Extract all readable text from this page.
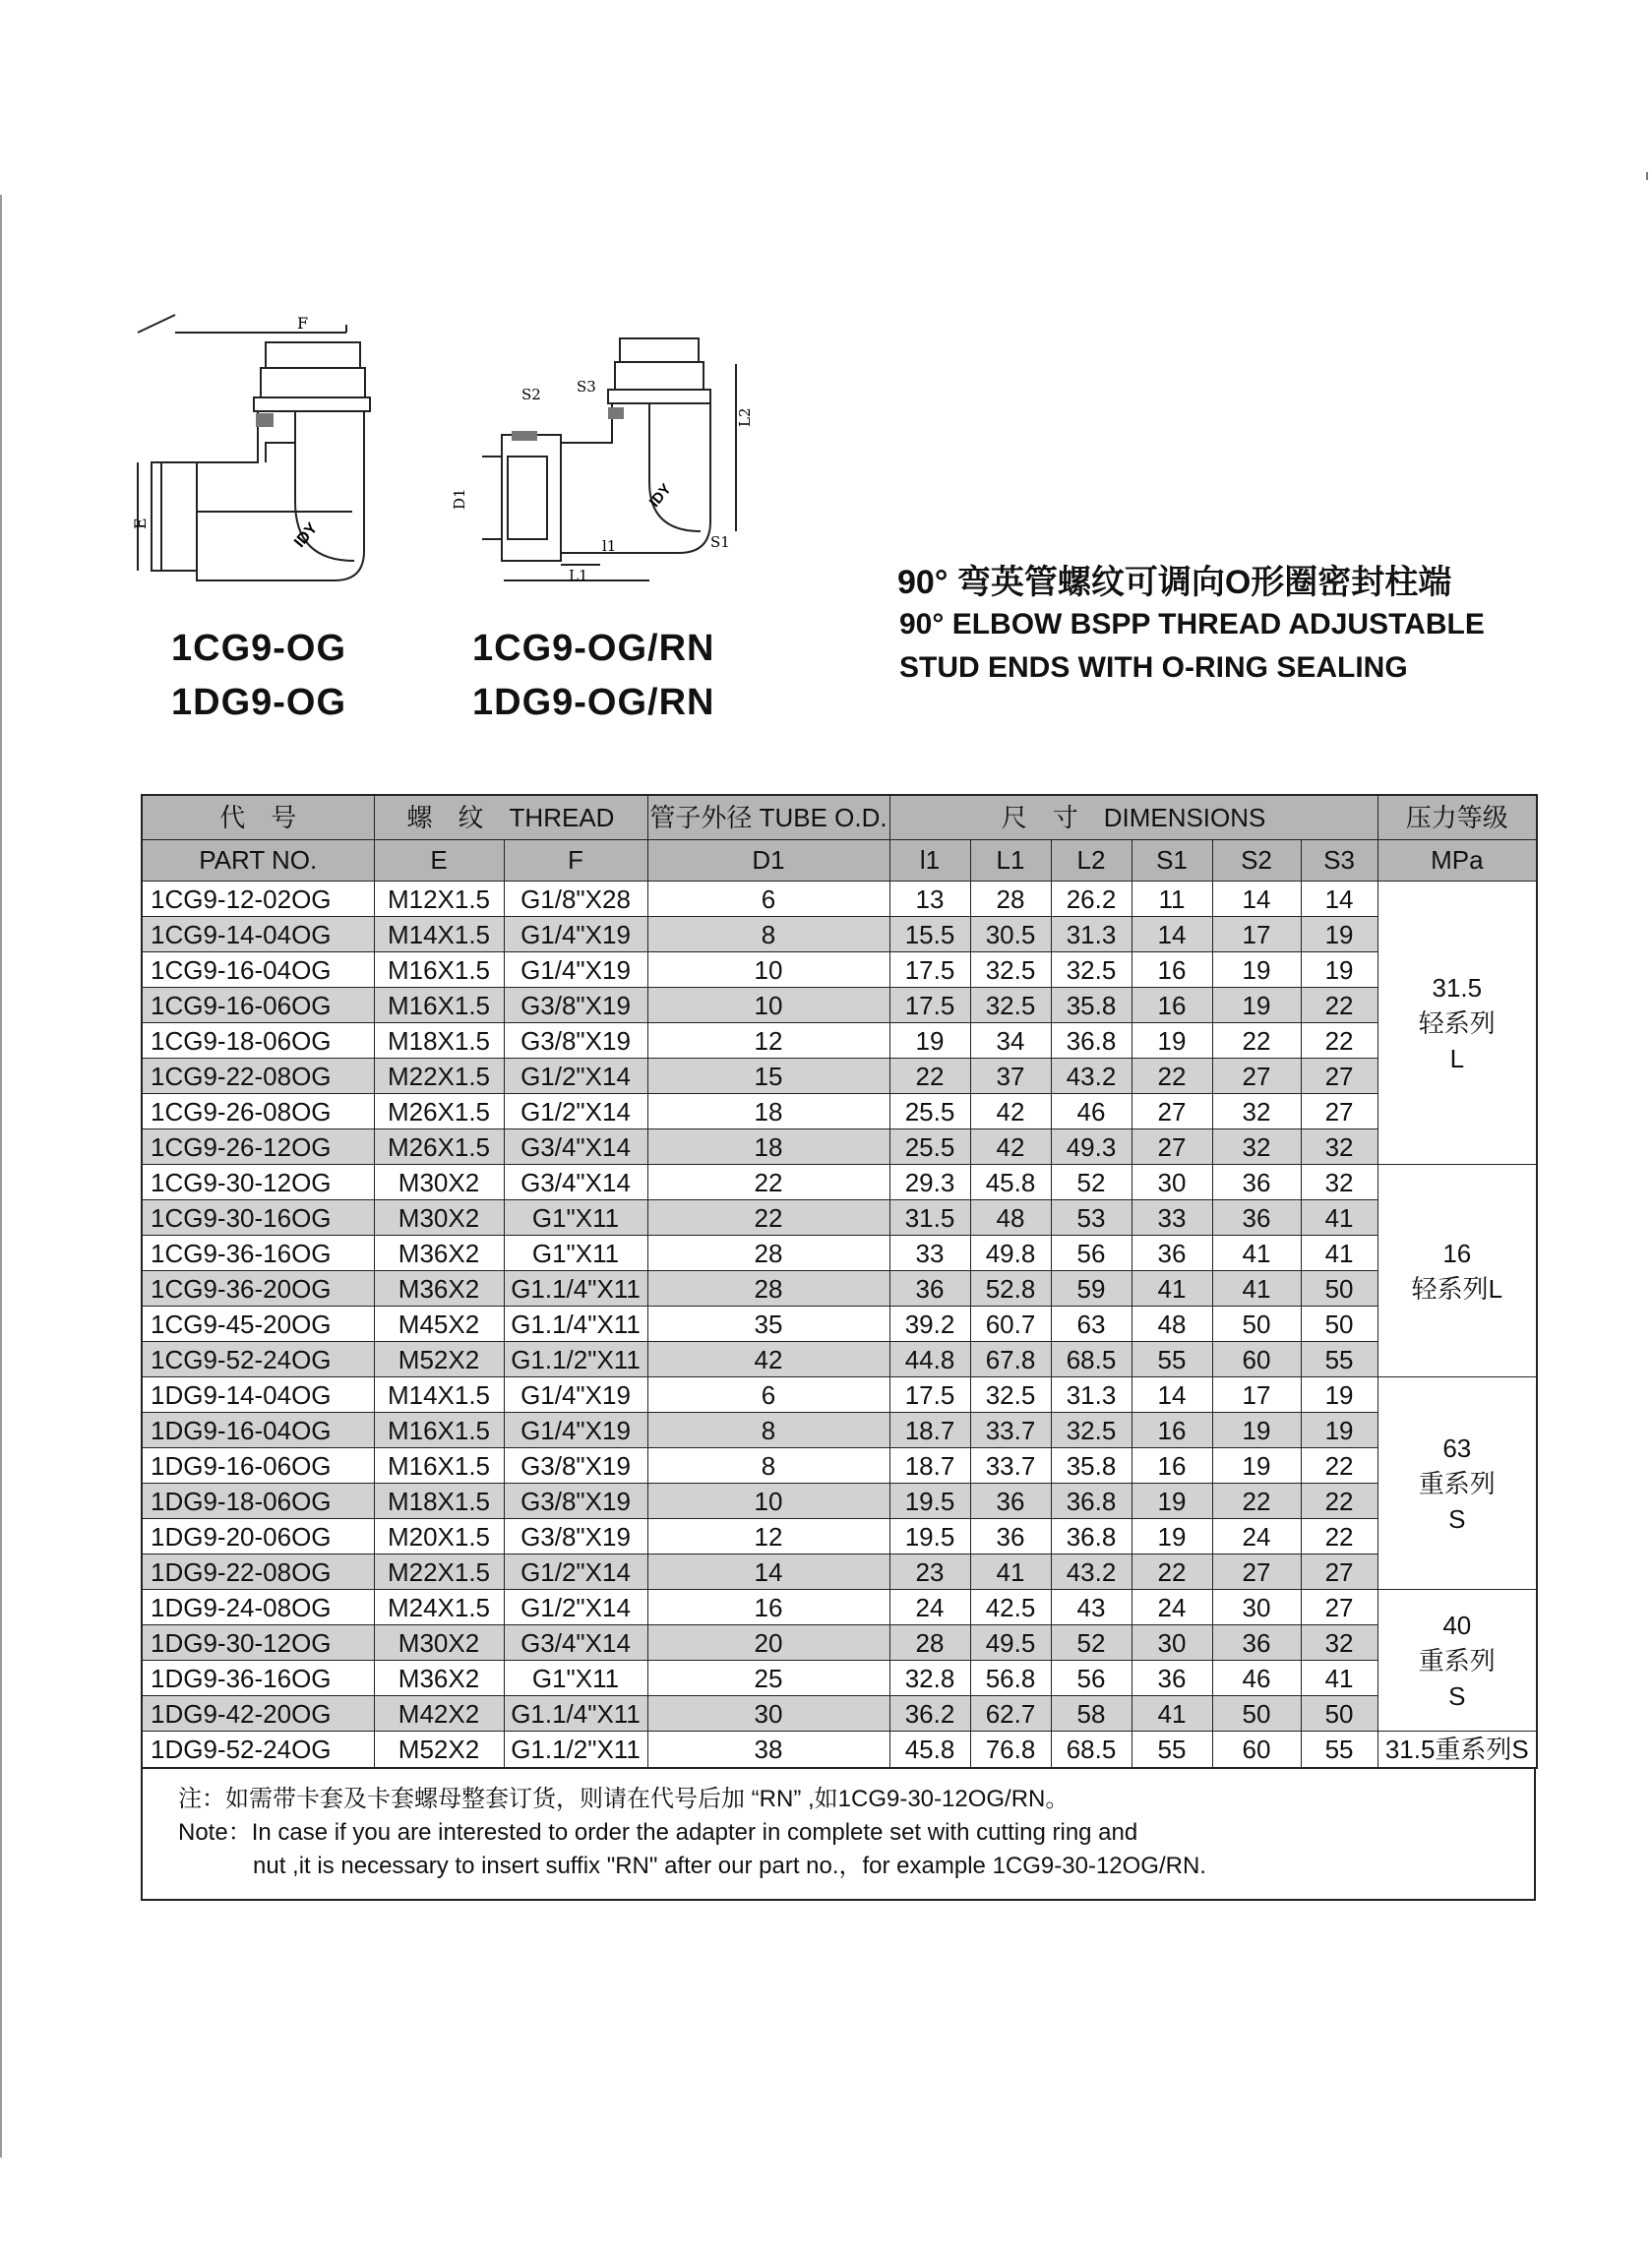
F
E	IDY
S2 S3
L2
D1
l1
L1
S1
IDY
1CG9-OG
1DG9-OG
1CG9-OG/RN
1DG9-OG/RN
90° 弯英管螺纹可调向O形圈密封柱端
90° ELBOW BSPP THREAD ADJUSTABLE
STUD ENDS WITH O-RING SEALING
代　号	螺　纹　THREAD		管子外径 TUBE O.D.	尺　寸　DIMENSIONS						压力等级
PART NO.	E	F	D1	l1	L1	L2	S1	S2	S3	MPa
1CG9-12-02OG	M12X1.5	G1/8"X28	6	13	28	26.2	11	14	14	31.5
轻系列
L

1CG9-14-04OG	M14X1.5	G1/4"X19	8	15.5	30.5	31.3	14	17	19	
1CG9-16-04OG	M16X1.5	G1/4"X19	10	17.5	32.5	32.5	16	19	19	
1CG9-16-06OG	M16X1.5	G3/8"X19	10	17.5	32.5	35.8	16	19	22	
1CG9-18-06OG	M18X1.5	G3/8"X19	12	19	34	36.8	19	22	22	
1CG9-22-08OG	M22X1.5	G1/2"X14	15	22	37	43.2	22	27	27	
1CG9-26-08OG	M26X1.5	G1/2"X14	18	25.5	42	46	27	32	27	
1CG9-26-12OG	M26X1.5	G3/4"X14	18	25.5	42	49.3	27	32	32	
1CG9-30-12OG	M30X2	G3/4"X14	22	29.3	45.8	52	30	36	32	16
轻系列L

1CG9-30-16OG	M30X2	G1"X11	22	31.5	48	53	33	36	41	
1CG9-36-16OG	M36X2	G1"X11	28	33	49.8	56	36	41	41	
1CG9-36-20OG	M36X2	G1.1/4"X11	28	36	52.8	59	41	41	50	
1CG9-45-20OG	M45X2	G1.1/4"X11	35	39.2	60.7	63	48	50	50	
1CG9-52-24OG	M52X2	G1.1/2"X11	42	44.8	67.8	68.5	55	60	55	
1DG9-14-04OG	M14X1.5	G1/4"X19	6	17.5	32.5	31.3	14	17	19	63
重系列
S

1DG9-16-04OG	M16X1.5	G1/4"X19	8	18.7	33.7	32.5	16	19	19	
1DG9-16-06OG	M16X1.5	G3/8"X19	8	18.7	33.7	35.8	16	19	22	
1DG9-18-06OG	M18X1.5	G3/8"X19	10	19.5	36	36.8	19	22	22	
1DG9-20-06OG	M20X1.5	G3/8"X19	12	19.5	36	36.8	19	24	22	
1DG9-22-08OG	M22X1.5	G1/2"X14	14	23	41	43.2	22	27	27	
1DG9-24-08OG	M24X1.5	G1/2"X14	16	24	42.5	43	24	30	27	40
重系列
S

1DG9-30-12OG	M30X2	G3/4"X14	20	28	49.5	52	30	36	32	
1DG9-36-16OG	M36X2	G1"X11	25	32.8	56.8	56	36	46	41	
1DG9-42-20OG	M42X2	G1.1/4"X11	30	36.2	62.7	58	41	50	50	
1DG9-52-24OG	M52X2	G1.1/2"X11	38	45.8	76.8	68.5	55	60	55	31.5重系列S
注：如需带卡套及卡套螺母整套订货，则请在代号后加 “RN” ,如1CG9-30-12OG/RN。
Note：In case if you are interested to order the adapter in complete set with cutting ring and
nut ,it is necessary to insert suffix "RN" after our part no.，for example 1CG9-30-12OG/RN.
